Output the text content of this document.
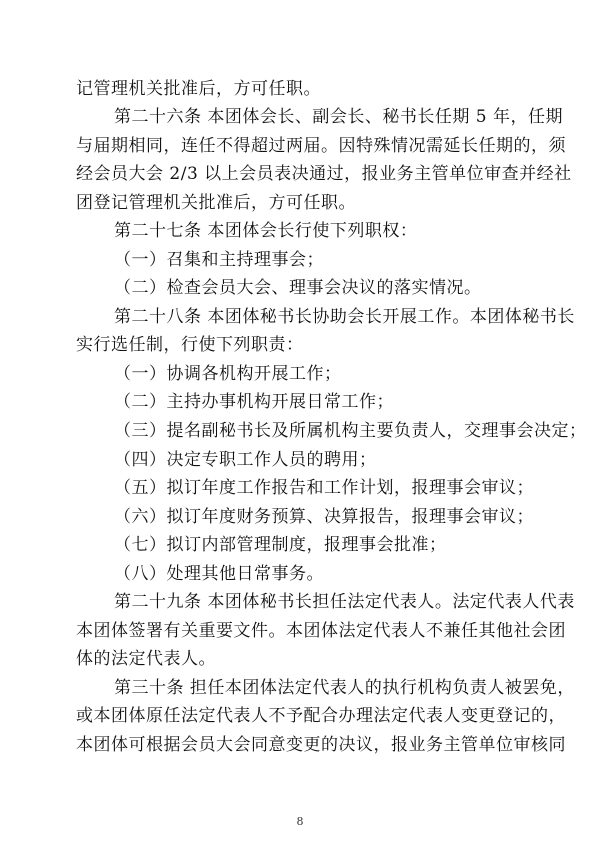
记管理机关批准后，方可任职。
第二十六条 本团体会长、副会长、秘书长任期 5 年，任期
与届期相同，连任不得超过两届。因特殊情况需延长任期的，须
经会员大会 2/3 以上会员表决通过，报业务主管单位审查并经社
团登记管理机关批准后，方可任职。
第二十七条 本团体会长行使下列职权：
（一）召集和主持理事会；
（二）检查会员大会、理事会决议的落实情况。
第二十八条 本团体秘书长协助会长开展工作。本团体秘书长
实行选任制，行使下列职责：
（一）协调各机构开展工作；
（二）主持办事机构开展日常工作；
（三）提名副秘书长及所属机构主要负责人，交理事会决定；
（四）决定专职工作人员的聘用；
（五）拟订年度工作报告和工作计划，报理事会审议；
（六）拟订年度财务预算、决算报告，报理事会审议；
（七）拟订内部管理制度，报理事会批准；
（八）处理其他日常事务。
第二十九条 本团体秘书长担任法定代表人。法定代表人代表
本团体签署有关重要文件。本团体法定代表人不兼任其他社会团
体的法定代表人。
第三十条 担任本团体法定代表人的执行机构负责人被罢免，
或本团体原任法定代表人不予配合办理法定代表人变更登记的，
本团体可根据会员大会同意变更的决议，报业务主管单位审核同
8
